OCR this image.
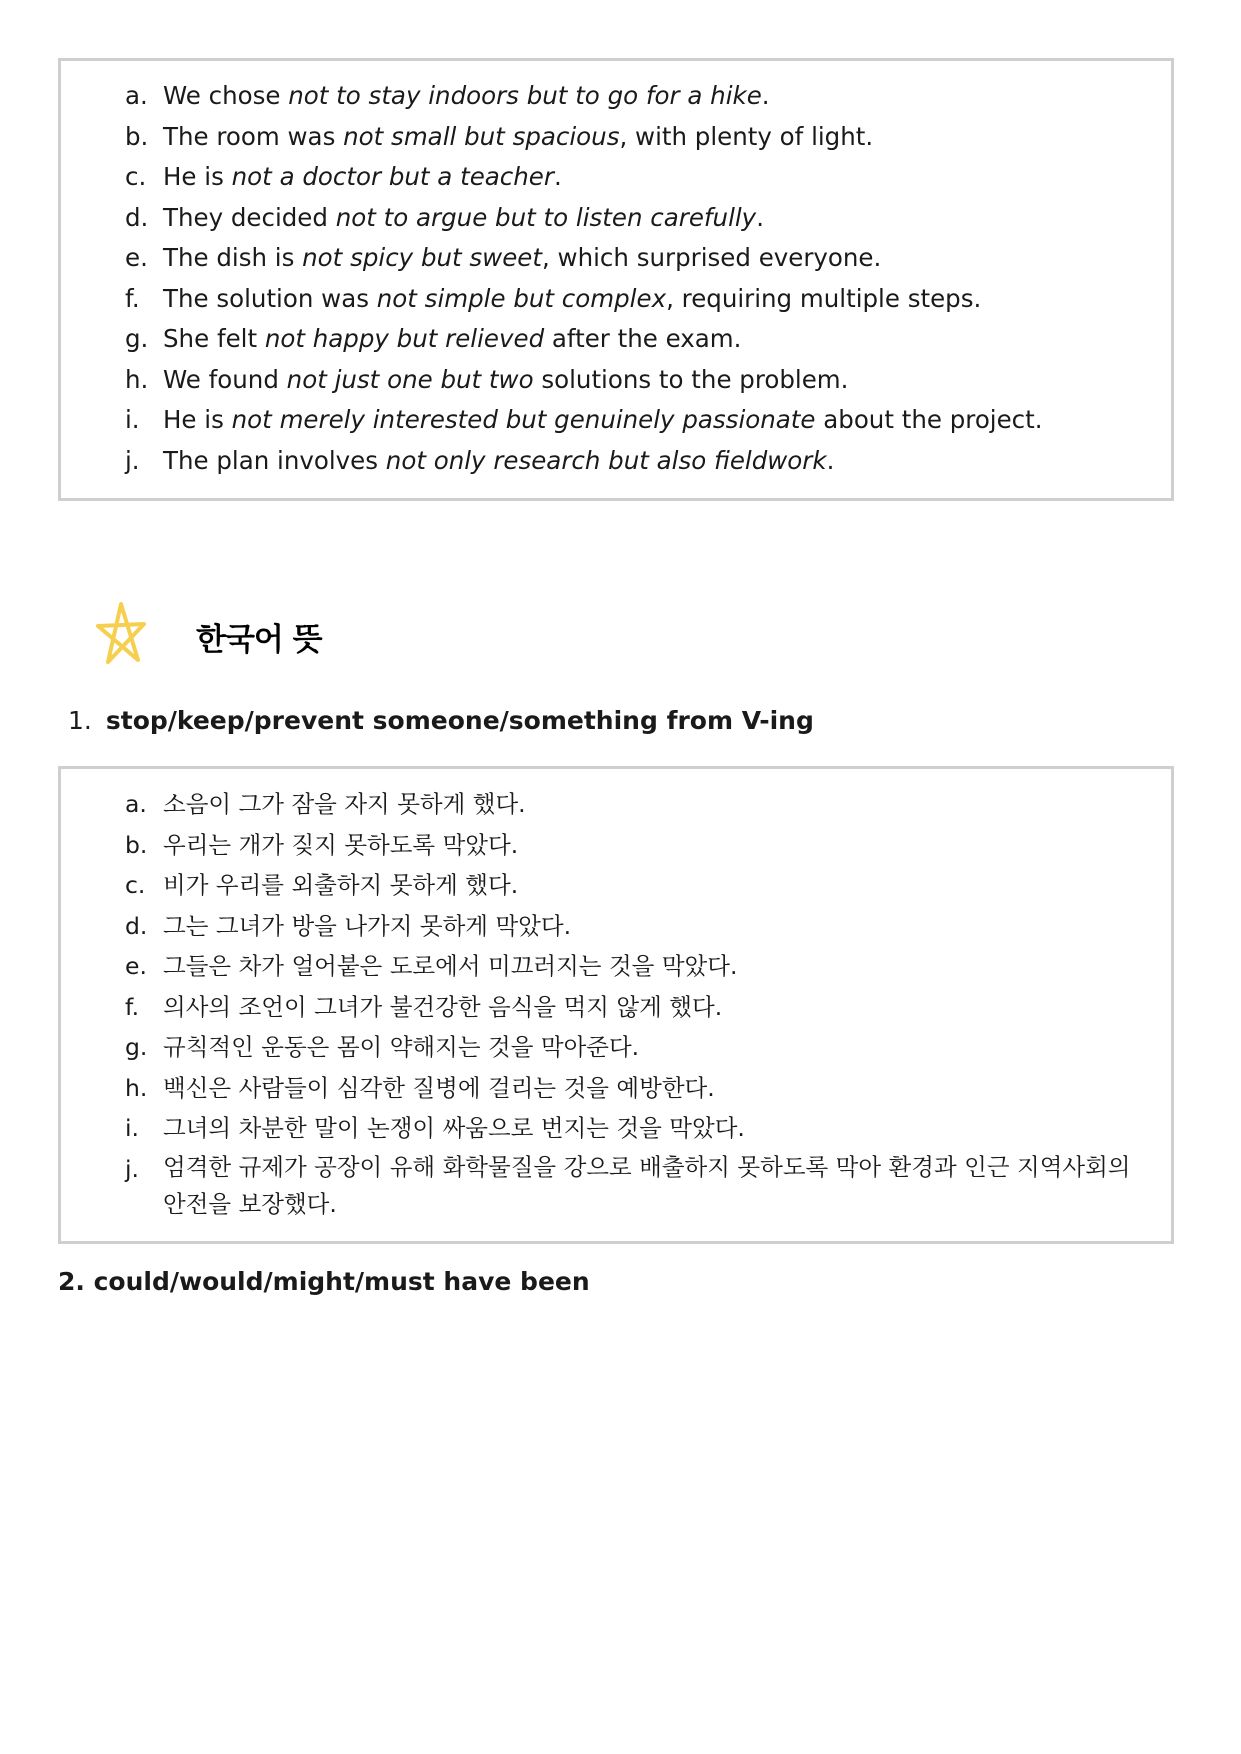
a. We chose not to stay indoors but to go for a hike.
b. The room was not small but spacious, with plenty of light.
c. He is not a doctor but a teacher.
d. They decided not to argue but to listen carefully.
e. The dish is not spicy but sweet, which surprised everyone.
f. The solution was not simple but complex, requiring multiple steps.
g. She felt not happy but relieved after the exam.
h. We found not just one but two solutions to the problem.
i. He is not merely interested but genuinely passionate about the project.
j. The plan involves not only research but also fieldwork.
한국어 뜻
1. stop/keep/prevent someone/something from V-ing
a. 소음이 그가 잠을 자지 못하게 했다.
b. 우리는 개가 짖지 못하도록 막았다.
c. 비가 우리를 외출하지 못하게 했다.
d. 그는 그녀가 방을 나가지 못하게 막았다.
e. 그들은 차가 얼어붙은 도로에서 미끄러지는 것을 막았다.
f. 의사의 조언이 그녀가 불건강한 음식을 먹지 않게 했다.
g. 규칙적인 운동은 몸이 약해지는 것을 막아준다.
h. 백신은 사람들이 심각한 질병에 걸리는 것을 예방한다.
i. 그녀의 차분한 말이 논쟁이 싸움으로 번지는 것을 막았다.
j. 엄격한 규제가 공장이 유해 화학물질을 강으로 배출하지 못하도록 막아 환경과 인근 지역사회의 안전을 보장했다.
2. could/would/might/must have been
